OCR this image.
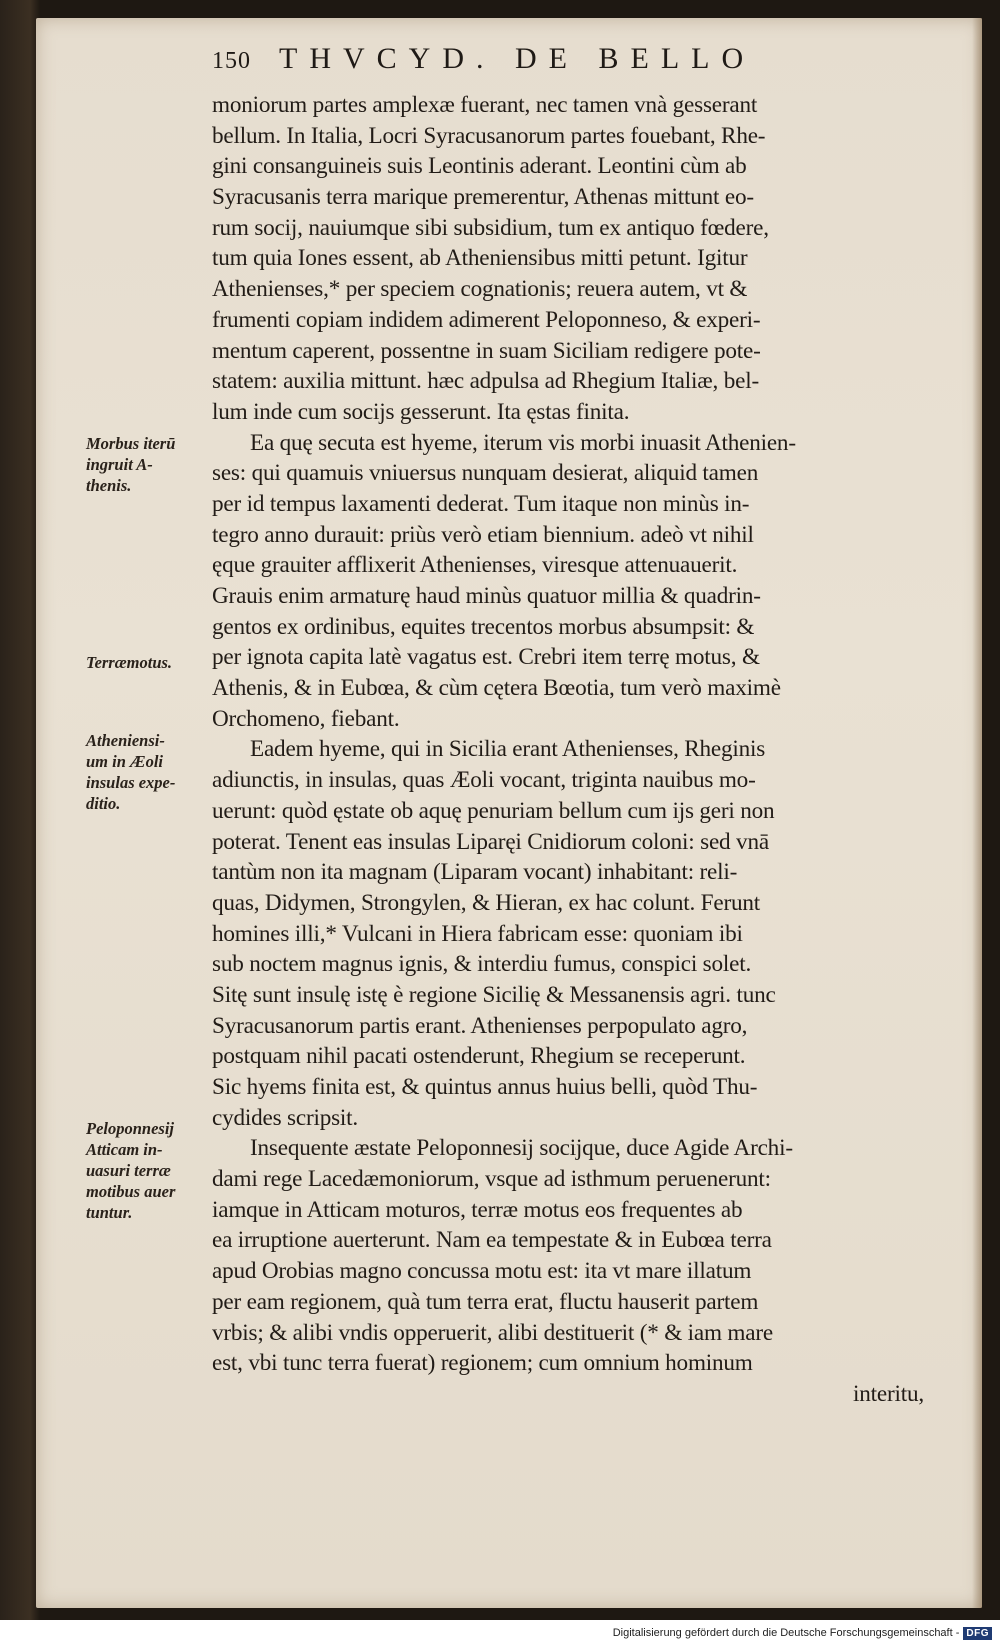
150 THVCYD. DE BELLO
moniorum partes amplexæ fuerant, nec tamen vnà gesserant
bellum. In Italia, Locri Syracusanorum partes fouebant, Rhe-
gini consanguineis suis Leontinis aderant. Leontini cùm ab
Syracusanis terra marique premerentur, Athenas mittunt eo-
rum socij, nauiumque sibi subsidium, tum ex antiquo fœdere,
tum quia Iones essent, ab Atheniensibus mitti petunt. Igitur
Athenienses,* per speciem cognationis; reuera autem, vt &
frumenti copiam indidem adimerent Peloponneso, & experi-
mentum caperent, possentne in suam Siciliam redigere pote-
statem: auxilia mittunt. hæc adpulsa ad Rhegium Italiæ, bel-
lum inde cum socijs gesserunt. Ita ęstas finita.
Ea quę secuta est hyeme, iterum vis morbi inuasit Athenien-
ses: qui quamuis vniuersus nunquam desierat, aliquid tamen
per id tempus laxamenti dederat. Tum itaque non minùs in-
tegro anno durauit: priùs verò etiam biennium. adeò vt nihil
ęque grauiter afflixerit Athenienses, viresque attenuauerit.
Grauis enim armaturę haud minùs quatuor millia & quadrin-
gentos ex ordinibus, equites trecentos morbus absumpsit: &
per ignota capita latè vagatus est. Crebri item terrę motus, &
Athenis, & in Eubœa, & cùm cętera Bœotia, tum verò maximè
Orchomeno, fiebant.
Eadem hyeme, qui in Sicilia erant Athenienses, Rheginis
adiunctis, in insulas, quas Æoli vocant, triginta nauibus mo-
uerunt: quòd ęstate ob aquę penuriam bellum cum ijs geri non
poterat. Tenent eas insulas Liparęi Cnidiorum coloni: sed vnā
tantùm non ita magnam (Liparam vocant) inhabitant: reli-
quas, Didymen, Strongylen, & Hieran, ex hac colunt. Ferunt
homines illi,* Vulcani in Hiera fabricam esse: quoniam ibi
sub noctem magnus ignis, & interdiu fumus, conspici solet.
Sitę sunt insulę istę è regione Sicilię & Messanensis agri. tunc
Syracusanorum partis erant. Athenienses perpopulato agro,
postquam nihil pacati ostenderunt, Rhegium se receperunt.
Sic hyems finita est, & quintus annus huius belli, quòd Thu-
cydides scripsit.
Insequente æstate Peloponnesij socijque, duce Agide Archi-
dami rege Lacedæmoniorum, vsque ad isthmum peruenerunt:
iamque in Atticam moturos, terræ motus eos frequentes ab
ea irruptione auerterunt. Nam ea tempestate & in Eubœa terra
apud Orobias magno concussa motu est: ita vt mare illatum
per eam regionem, quà tum terra erat, fluctu hauserit partem
vrbis; & alibi vndis opperuerit, alibi destituerit (* & iam mare
est, vbi tunc terra fuerat) regionem; cum omnium hominum
interitu,
Morbus iterū
ingruit A-
thenis.
Terræmotus.
Atheniensi-
um in Æoli
insulas expe-
ditio.
Peloponnesij
Atticam in-
uasuri terræ
motibus auer
tuntur.
Digitalisierung gefördert durch die Deutsche Forschungsgemeinschaft - DFG
